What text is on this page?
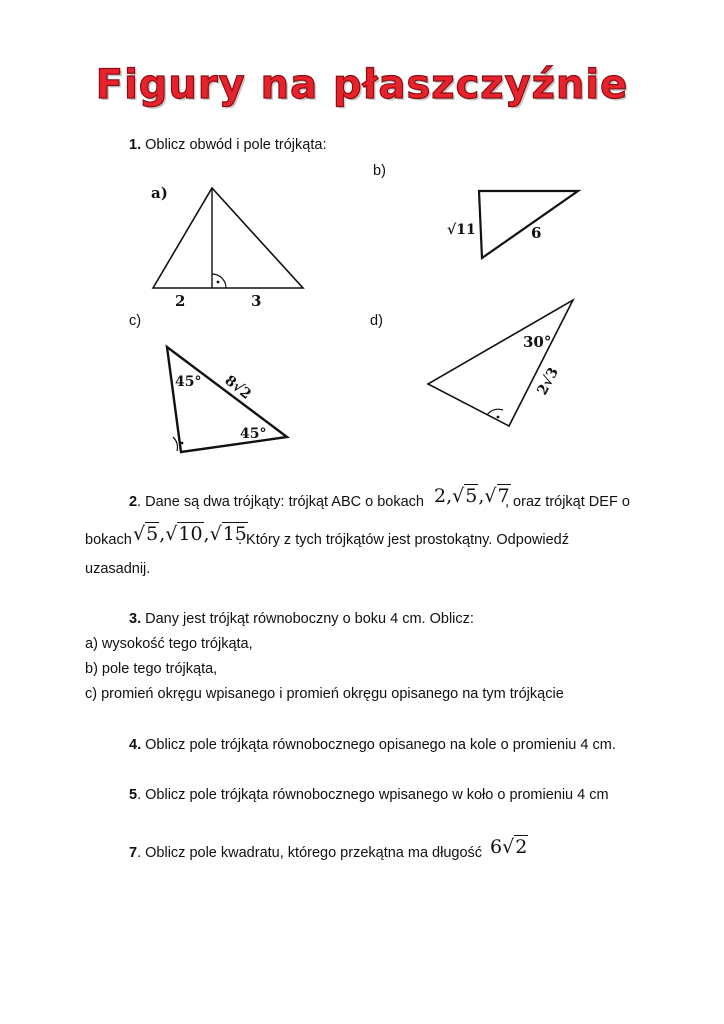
Figury na płaszczyźnie
1. Oblicz obwód i pole trójkąta:
b)
c)	d)
a)
2	3
√11	6
45°
45°
8√2
30°
2√3
2. Dane są dwa trójkąty: trójkąt ABC o bokach 2,√5,√7
, oraz trójkąt DEF o
bokach √5,√10,√15
. Który z tych trójkątów jest prostokątny. Odpowiedź
uzasadnij.
3. Dany jest trójkąt równoboczny o boku 4 cm. Oblicz:
a) wysokość tego trójkąta,
b) pole tego trójkąta,
c) promień okręgu wpisanego i promień okręgu opisanego na tym trójkącie
4. Oblicz pole trójkąta równobocznego opisanego na kole o promieniu 4 cm.
5. Oblicz pole trójkąta równobocznego wpisanego w koło o promieniu 4 cm
7. Oblicz pole kwadratu, którego przekątna ma długość 6√2
